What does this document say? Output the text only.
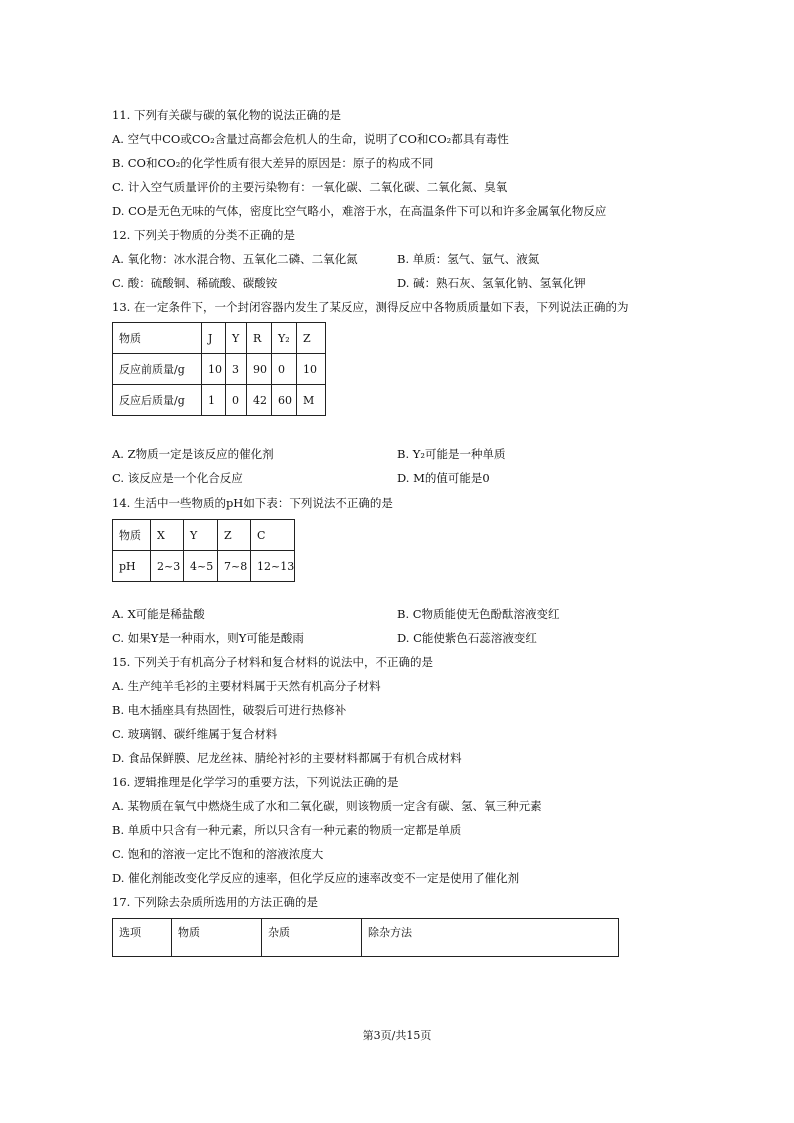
11. 下列有关碳与碳的氧化物的说法正确的是
A. 空气中CO或CO₂含量过高都会危机人的生命，说明了CO和CO₂都具有毒性
B. CO和CO₂的化学性质有很大差异的原因是：原子的构成不同
C. 计入空气质量评价的主要污染物有：一氧化碳、二氧化碳、二氧化氮、臭氧
D. CO是无色无味的气体，密度比空气略小，难溶于水，在高温条件下可以和许多金属氧化物反应
12. 下列关于物质的分类不正确的是
A. 氧化物：冰水混合物、五氧化二磷、二氧化氮	B. 单质：氢气、氩气、液氮
C. 酸：硫酸铜、稀硫酸、碳酸铵	D. 碱：熟石灰、氢氧化钠、氢氧化钾
13. 在一定条件下，一个封闭容器内发生了某反应，测得反应中各物质质量如下表，下列说法正确的为
物质	J	Y	R	Y₂	Z
反应前质量/g	10	3	90	0	10
反应后质量/g	1	0	42	60	M
A. Z物质一定是该反应的催化剂	B. Y₂可能是一种单质
C. 该反应是一个化合反应	D. M的值可能是0
14. 生活中一些物质的pH如下表：下列说法不正确的是
物质	X	Y	Z	C
pH	2~3	4~5	7~8	12~13
A. X可能是稀盐酸	B. C物质能使无色酚酞溶液变红
C. 如果Y是一种雨水，则Y可能是酸雨	D. C能使紫色石蕊溶液变红
15. 下列关于有机高分子材料和复合材料的说法中，不正确的是
A. 生产纯羊毛衫的主要材料属于天然有机高分子材料
B. 电木插座具有热固性，破裂后可进行热修补
C. 玻璃钢、碳纤维属于复合材料
D. 食品保鲜膜、尼龙丝袜、腈纶衬衫的主要材料都属于有机合成材料
16. 逻辑推理是化学学习的重要方法，下列说法正确的是
A. 某物质在氧气中燃烧生成了水和二氧化碳，则该物质一定含有碳、氢、氧三种元素
B. 单质中只含有一种元素，所以只含有一种元素的物质一定都是单质
C. 饱和的溶液一定比不饱和的溶液浓度大
D. 催化剂能改变化学反应的速率，但化学反应的速率改变不一定是使用了催化剂
17. 下列除去杂质所选用的方法正确的是
选项	物质	杂质	除杂方法
第3页/共15页
